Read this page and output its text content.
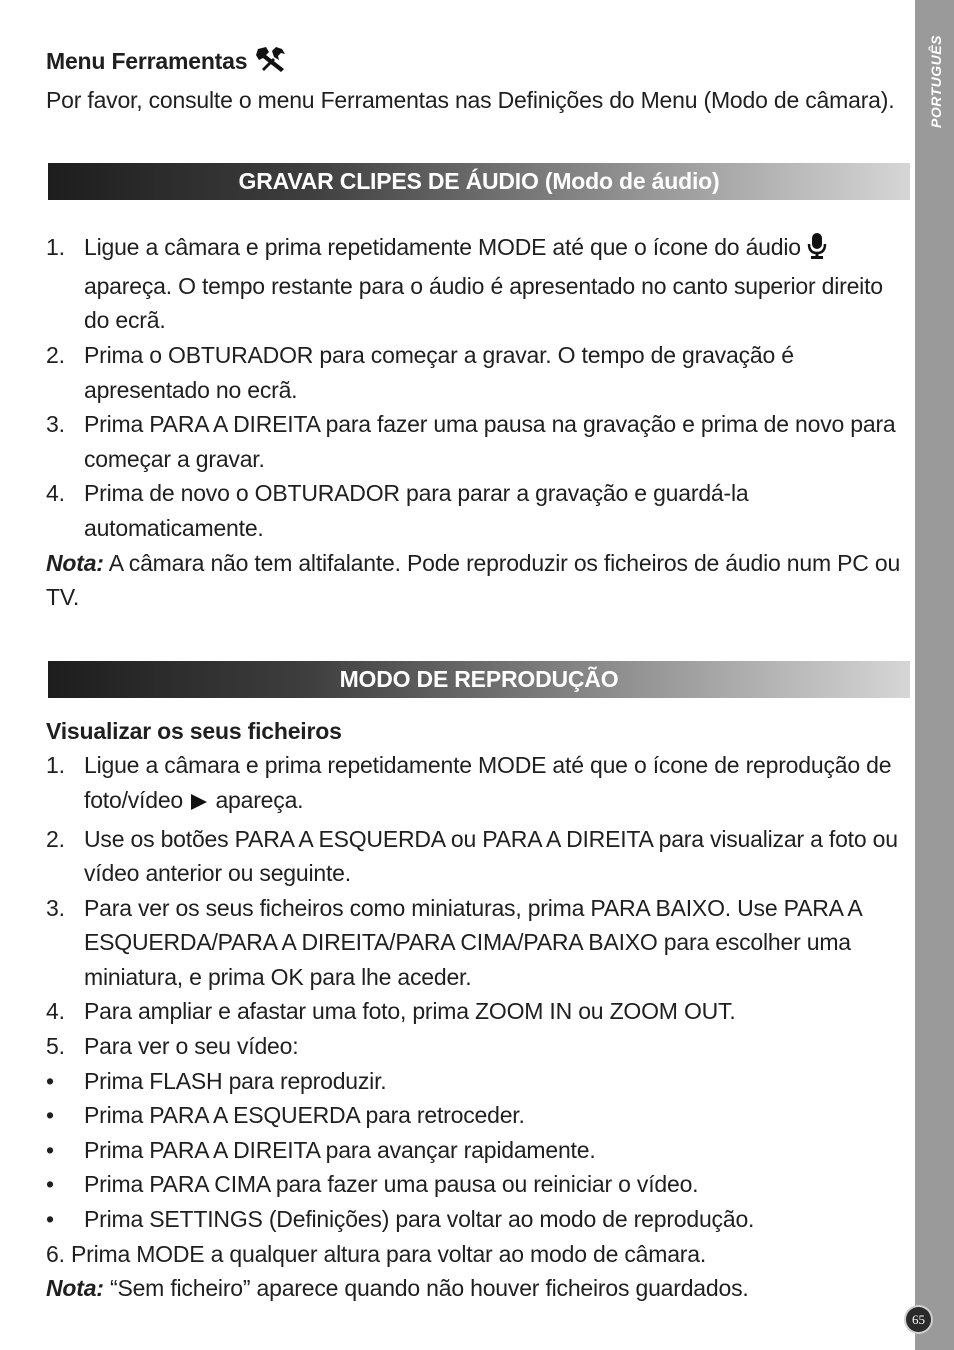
PORTUGUÊS
Menu Ferramentas
Por favor, consulte o menu Ferramentas nas Definições do Menu (Modo de câmara).
GRAVAR CLIPES DE ÁUDIO (Modo de áudio)
1. Ligue a câmara e prima repetidamente MODE até que o ícone do áudio  apareça. O tempo restante para o áudio é apresentado no canto superior direito do ecrã.
2. Prima o OBTURADOR para começar a gravar. O tempo de gravação é apresentado no ecrã.
3. Prima PARA A DIREITA para fazer uma pausa na gravação e prima de novo para começar a gravar.
4. Prima de novo o OBTURADOR para parar a gravação e guardá-la automaticamente.
Nota: A câmara não tem altifalante. Pode reproduzir os ficheiros de áudio num PC ou TV.
MODO DE REPRODUÇÃO
Visualizar os seus ficheiros
1. Ligue a câmara e prima repetidamente MODE até que o ícone de reprodução de foto/vídeo apareça.
2. Use os botões PARA A ESQUERDA ou PARA A DIREITA para visualizar a foto ou vídeo anterior ou seguinte.
3. Para ver os seus ficheiros como miniaturas, prima PARA BAIXO. Use PARA A ESQUERDA/PARA A DIREITA/PARA CIMA/PARA BAIXO para escolher uma miniatura, e prima OK para lhe aceder.
4. Para ampliar e afastar uma foto, prima ZOOM IN ou ZOOM OUT.
5. Para ver o seu vídeo:
• Prima FLASH para reproduzir.
• Prima PARA A ESQUERDA para retroceder.
• Prima PARA A DIREITA para avançar rapidamente.
• Prima PARA CIMA para fazer uma pausa ou reiniciar o vídeo.
• Prima SETTINGS (Definições) para voltar ao modo de reprodução.
6. Prima MODE a qualquer altura para voltar ao modo de câmara.
Nota: “Sem ficheiro” aparece quando não houver ficheiros guardados.
65
